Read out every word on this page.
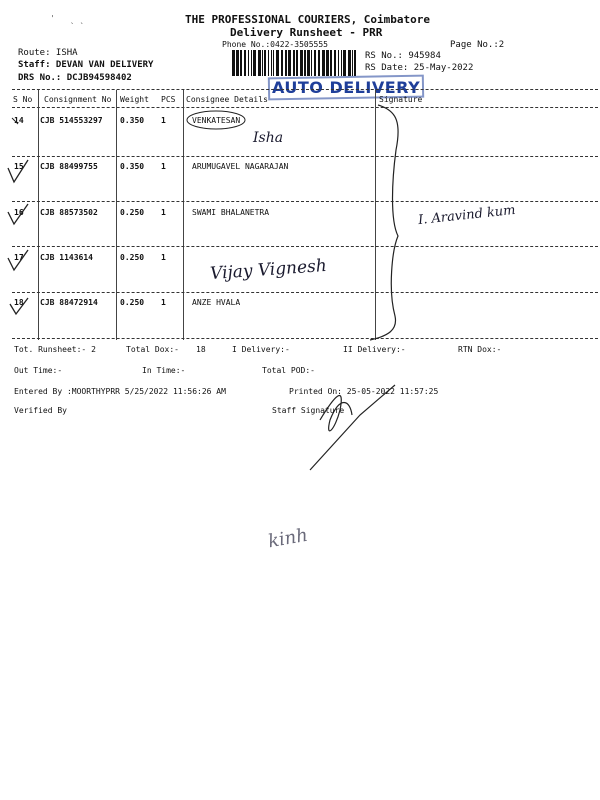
'
` `
THE PROFESSIONAL COURIERS, Coimbatore
Delivery Runsheet - PRR
Phone No.:0422-3505555	Page No.:2
Route: ISHA
Staff: DEVAN VAN DELIVERY
DRS No.: DCJB94598402
RS No.: 945984
RS Date: 25-May-2022
AUTO DELIVERY
S No Consignment No Weight PCS Consignee Details	Signature
14 CJB 514553297 0.350 1	VENKATESAN
Isha
15 CJB 88499755	0.350 1	ARUMUGAVEL NAGARAJAN
16 CJB 88573502	0.250 1	SWAMI BHALANETRA
17 CJB 1143614	0.250 1	Vijay Vignesh
18 CJB 88472914	0.250 1	ANZE HVALA
I. Aravind kum
Tot. Runsheet:- 2	Total Dox:- 18	I Delivery:-	II Delivery:-	RTN Dox:-
Out Time:-	In Time:-	Total POD:-
Entered By :MOORTHYPRR 5/25/2022 11:56:26 AM	Printed On: 25-05-2022 11:57:25
Verified By	Staff Signature
kinh
